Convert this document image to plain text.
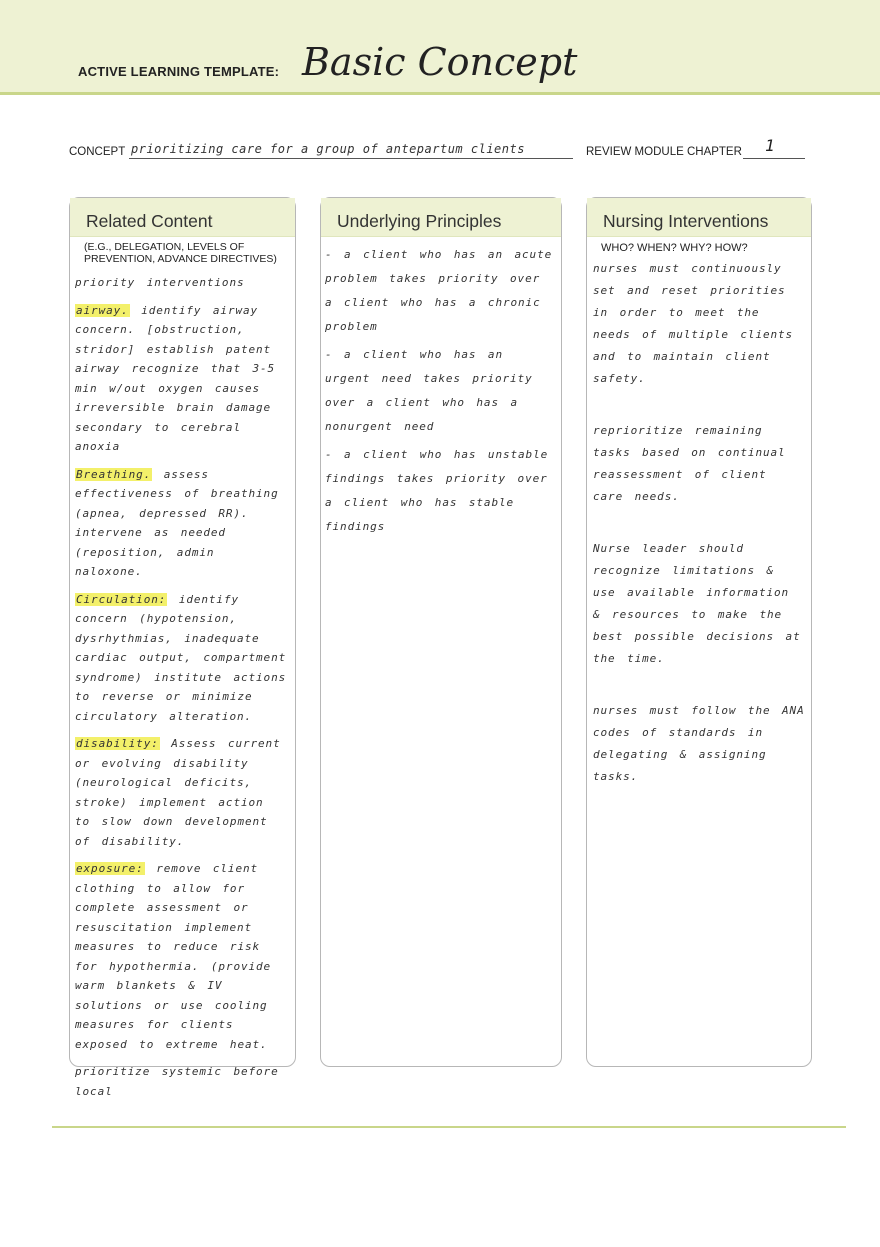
ACTIVE LEARNING TEMPLATE: Basic Concept
CONCEPT prioritizing care for a group of antepartum clients	REVIEW MODULE CHAPTER 1
Related Content
(E.G., DELEGATION, LEVELS OF PREVENTION, ADVANCE DIRECTIVES)

priority interventions

airway. identify airway concern. [obstruction, stridor] establish patent airway recognize that 3-5 min w/out oxygen causes irreversible brain damage secondary to cerebral anoxia

Breathing. assess effectiveness of breathing (apnea, depressed RR). intervene as needed (reposition, admin naloxone.

Circulation: identify concern (hypotension, dysrhythmias, inadequate cardiac output, compartment syndrome) institute actions to reverse or minimize circulatory alteration.

disability: Assess current or evolving disability (neurological deficits, stroke) implement action to slow down development of disability.

exposure: remove client clothing to allow for complete assessment or resuscitation implement measures to reduce risk for hypothermia. (provide warm blankets & IV solutions or use cooling measures for clients exposed to extreme heat.

prioritize systemic before local

Underlying Principles

- a client who has an acute problem takes priority over a client who has a chronic problem

- a client who has an urgent need takes priority over a client who has a nonurgent need

- a client who has unstable findings takes priority over a client who has stable findings

Nursing Interventions
WHO? WHEN? WHY? HOW?

nurses must continuously set and reset priorities in order to meet the needs of multiple clients and to maintain client safety.

reprioritize remaining tasks based on continual reassessment of client care needs.

Nurse leader should recognize limitations & use available information & resources to make the best possible decisions at the time.

nurses must follow the ANA codes of standards in delegating & assigning tasks.
